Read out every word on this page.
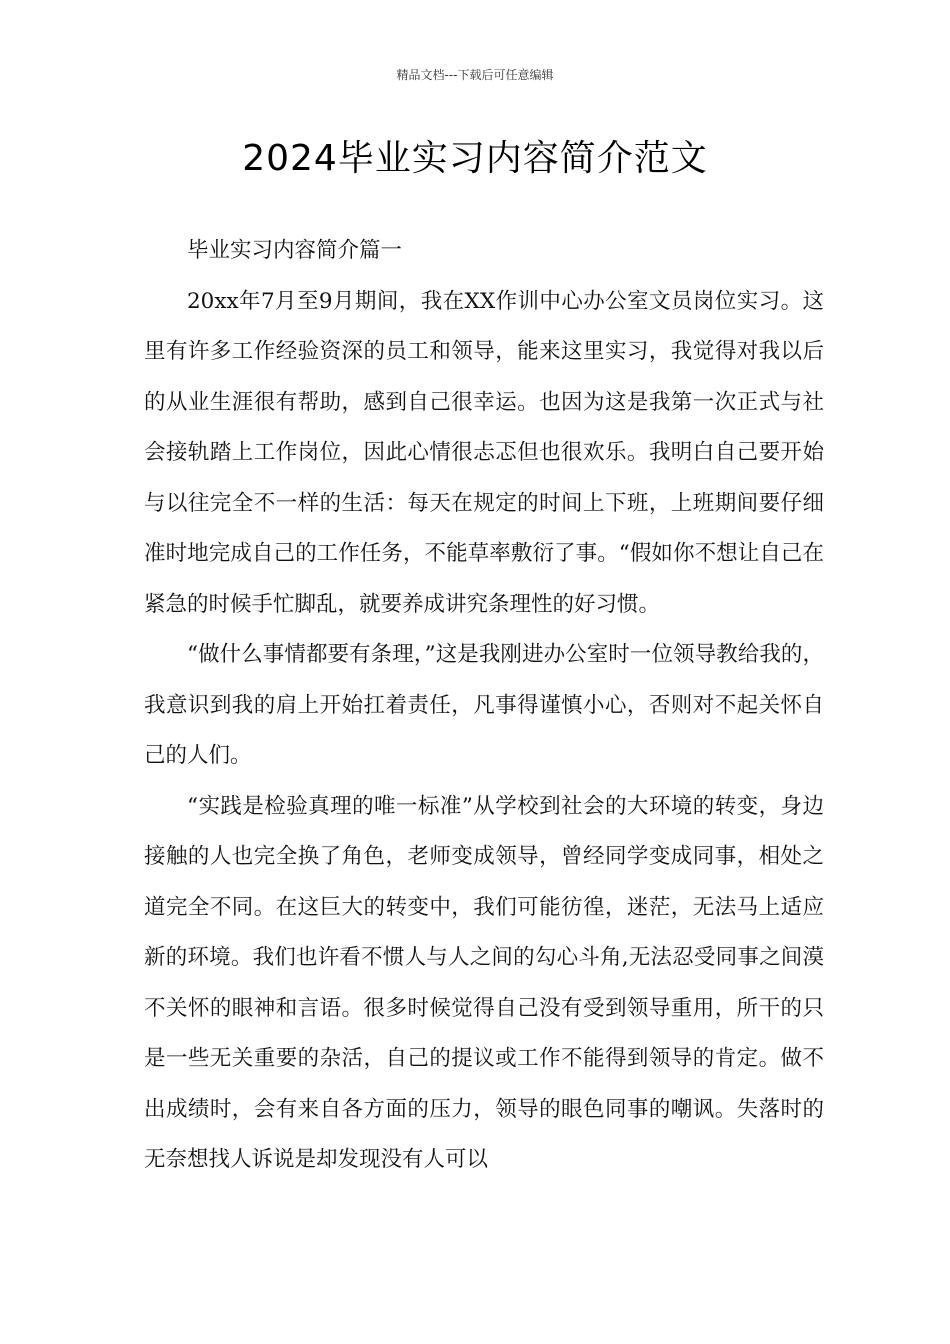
精品文档---下载后可任意编辑
2024毕业实习内容简介范文

毕业实习内容简介篇一

20xx年7月至9月期间，我在XX作训中心办公室文员岗位实习。这里有许多工作经验资深的员工和领导，能来这里实习，我觉得对我以后的从业生涯很有帮助，感到自己很幸运。也因为这是我第一次正式与社会接轨踏上工作岗位，因此心情很忐忑但也很欢乐。我明白自己要开始与以往完全不一样的生活：每天在规定的时间上下班，上班期间要仔细准时地完成自己的工作任务，不能草率敷衍了事。“假如你不想让自己在紧急的时候手忙脚乱，就要养成讲究条理性的好习惯。

“做什么事情都要有条理，”这是我刚进办公室时一位领导教给我的，我意识到我的肩上开始扛着责任，凡事得谨慎小心，否则对不起关怀自己的人们。

“实践是检验真理的唯一标准”从学校到社会的大环境的转变，身边接触的人也完全换了角色，老师变成领导，曾经同学变成同事，相处之道完全不同。在这巨大的转变中，我们可能彷徨，迷茫，无法马上适应新的环境。我们也许看不惯人与人之间的勾心斗角,无法忍受同事之间漠不关怀的眼神和言语。很多时候觉得自己没有受到领导重用，所干的只是一些无关重要的杂活，自己的提议或工作不能得到领导的肯定。做不出成绩时，会有来自各方面的压力，领导的眼色同事的嘲讽。失落时的无奈想找人诉说是却发现没有人可以
